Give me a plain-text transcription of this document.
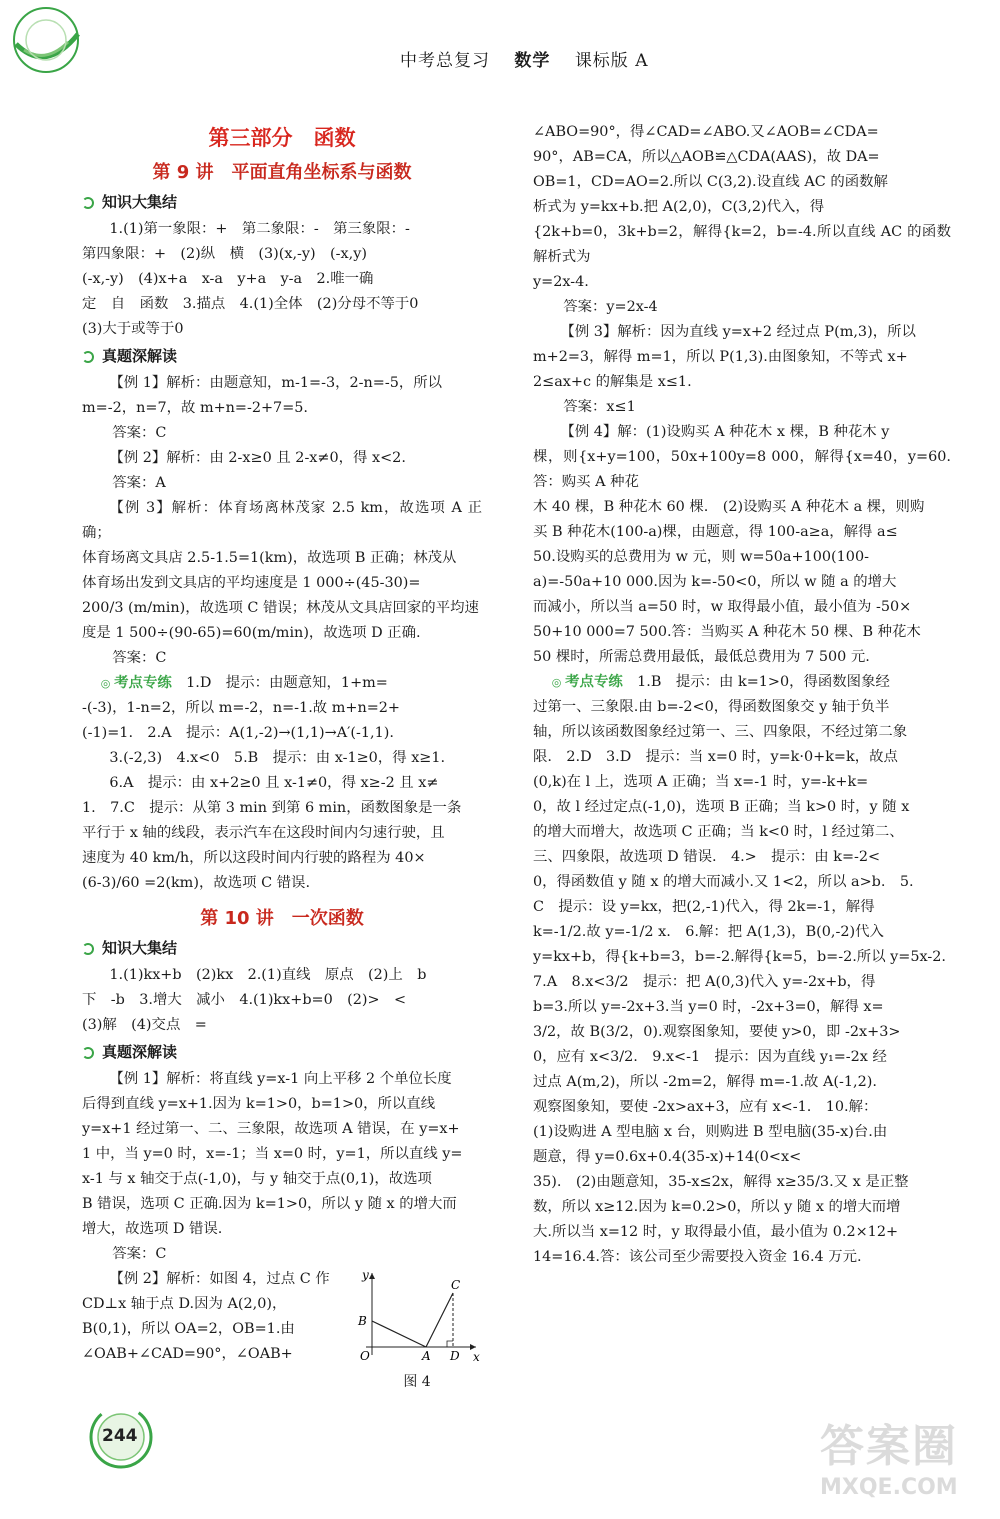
中考总复习　 数学　 课标版 A
第三部分　函数
第 9 讲　平面直角坐标系与函数
知识大集结

1.(1)第一象限：+　第二象限：-　第三象限：-

第四象限：+　(2)纵　横　(3)(x,-y)　(-x,y)

(-x,-y)　(4)x+a　x-a　y+a　y-a　2.唯一确

定　自　函数　3.描点　4.(1)全体　(2)分母不等于0

(3)大于或等于0

真题深解读

【例 1】解析：由题意知，m-1=-3，2-n=-5，所以

m=-2，n=7，故 m+n=-2+7=5.

答案：C

【例 2】解析：由 2-x≥0 且 2-x≠0，得 x<2.

答案：A

【例 3】解析：体育场离林茂家 2.5 km，故选项 A 正确；

体育场离文具店 2.5-1.5=1(km)，故选项 B 正确；林茂从

体育场出发到文具店的平均速度是 1 000÷(45-30)=

200/3 (m/min)，故选项 C 错误；林茂从文具店回家的平均速

度是 1 500÷(90-65)=60(m/min)，故选项 D 正确.

答案：C

◎ 考点专练　 1.D　提示：由题意知，1+m=

-(-3)，1-n=2，所以 m=-2，n=-1.故 m+n=2+

(-1)=1.　2.A　提示：A(1,-2)→(1,1)→A′(-1,1).

3.(-2,3)　4.x<0　5.B　提示：由 x-1≥0，得 x≥1.

6.A　提示：由 x+2≥0 且 x-1≠0，得 x≥-2 且 x≠

1.　7.C　提示：从第 3 min 到第 6 min，函数图象是一条

平行于 x 轴的线段，表示汽车在这段时间内匀速行驶，且

速度为 40 km/h，所以这段时间内行驶的路程为 40×

(6-3)/60 =2(km)，故选项 C 错误.

第 10 讲　一次函数
知识大集结

1.(1)kx+b　(2)kx　2.(1)直线　原点　(2)上　b

下　-b　3.增大　减小　4.(1)kx+b=0　(2)>　<

(3)解　(4)交点　=

真题深解读

【例 1】解析：将直线 y=x-1 向上平移 2 个单位长度

后得到直线 y=x+1.因为 k=1>0，b=1>0，所以直线

y=x+1 经过第一、二、三象限，故选项 A 错误，在 y=x+

1 中，当 y=0 时，x=-1；当 x=0 时，y=1，所以直线 y=

x-1 与 x 轴交于点(-1,0)，与 y 轴交于点(0,1)，故选项

B 错误，选项 C 正确.因为 k=1>0，所以 y 随 x 的增大而

增大，故选项 D 错误.

答案：C

【例 2】解析：如图 4，过点 C 作

CD⊥x 轴于点 D.因为 A(2,0)，

B(0,1)，所以 OA=2，OB=1.由

∠OAB+∠CAD=90°，∠OAB+

y
x
O	A
B
C
D
图 4

∠ABO=90°，得∠CAD=∠ABO.又∠AOB=∠CDA=

90°，AB=CA，所以△AOB≌△CDA(AAS)，故 DA=

OB=1，CD=AO=2.所以 C(3,2).设直线 AC 的函数解

析式为 y=kx+b.把 A(2,0)，C(3,2)代入，得

{2k+b=0，3k+b=2，解得{k=2，b=-4.所以直线 AC 的函数解析式为

y=2x-4.

答案：y=2x-4

【例 3】解析：因为直线 y=x+2 经过点 P(m,3)，所以

m+2=3，解得 m=1，所以 P(1,3).由图象知，不等式 x+

2≤ax+c 的解集是 x≤1.

答案：x≤1

【例 4】解：(1)设购买 A 种花木 x 棵，B 种花木 y

棵，则{x+y=100，50x+100y=8 000，解得{x=40，y=60.答：购买 A 种花

木 40 棵，B 种花木 60 棵.　(2)设购买 A 种花木 a 棵，则购

买 B 种花木(100-a)棵，由题意，得 100-a≥a，解得 a≤

50.设购买的总费用为 w 元，则 w=50a+100(100-

a)=-50a+10 000.因为 k=-50<0，所以 w 随 a 的增大

而减小，所以当 a=50 时，w 取得最小值，最小值为 -50×

50+10 000=7 500.答：当购买 A 种花木 50 棵、B 种花木

50 棵时，所需总费用最低，最低总费用为 7 500 元.

◎ 考点专练　 1.B　提示：由 k=1>0，得函数图象经

过第一、三象限.由 b=-2<0，得函数图象交 y 轴于负半

轴，所以该函数图象经过第一、三、四象限，不经过第二象

限.　2.D　3.D　提示：当 x=0 时，y=k·0+k=k，故点

(0,k)在 l 上，选项 A 正确；当 x=-1 时，y=-k+k=

0，故 l 经过定点(-1,0)，选项 B 正确；当 k>0 时，y 随 x

的增大而增大，故选项 C 正确；当 k<0 时，l 经过第二、

三、四象限，故选项 D 错误.　4.>　提示：由 k=-2<

0，得函数值 y 随 x 的增大而减小.又 1<2，所以 a>b.　5.

C　提示：设 y=kx，把(2,-1)代入，得 2k=-1，解得

k=-1/2.故 y=-1/2 x.　6.解：把 A(1,3)，B(0,-2)代入

y=kx+b，得{k+b=3，b=-2.解得{k=5，b=-2.所以 y=5x-2.

7.A　8.x<3/2　提示：把 A(0,3)代入 y=-2x+b，得

b=3.所以 y=-2x+3.当 y=0 时，-2x+3=0，解得 x=

3/2，故 B(3/2，0).观察图象知，要使 y>0，即 -2x+3>

0，应有 x<3/2.　9.x<-1　提示：因为直线 y₁=-2x 经

过点 A(m,2)，所以 -2m=2，解得 m=-1.故 A(-1,2).

观察图象知，要使 -2x>ax+3，应有 x<-1.　10.解：

(1)设购进 A 型电脑 x 台，则购进 B 型电脑(35-x)台.由

题意，得 y=0.6x+0.4(35-x)+14(0<x<

35).　(2)由题意知，35-x≤2x，解得 x≥35/3.又 x 是正整

数，所以 x≥12.因为 k=0.2>0，所以 y 随 x 的增大而增

大.所以当 x=12 时，y 取得最小值，最小值为 0.2×12+

14=16.4.答：该公司至少需要投入资金 16.4 万元.

244	答案圈
MXQE.COM
